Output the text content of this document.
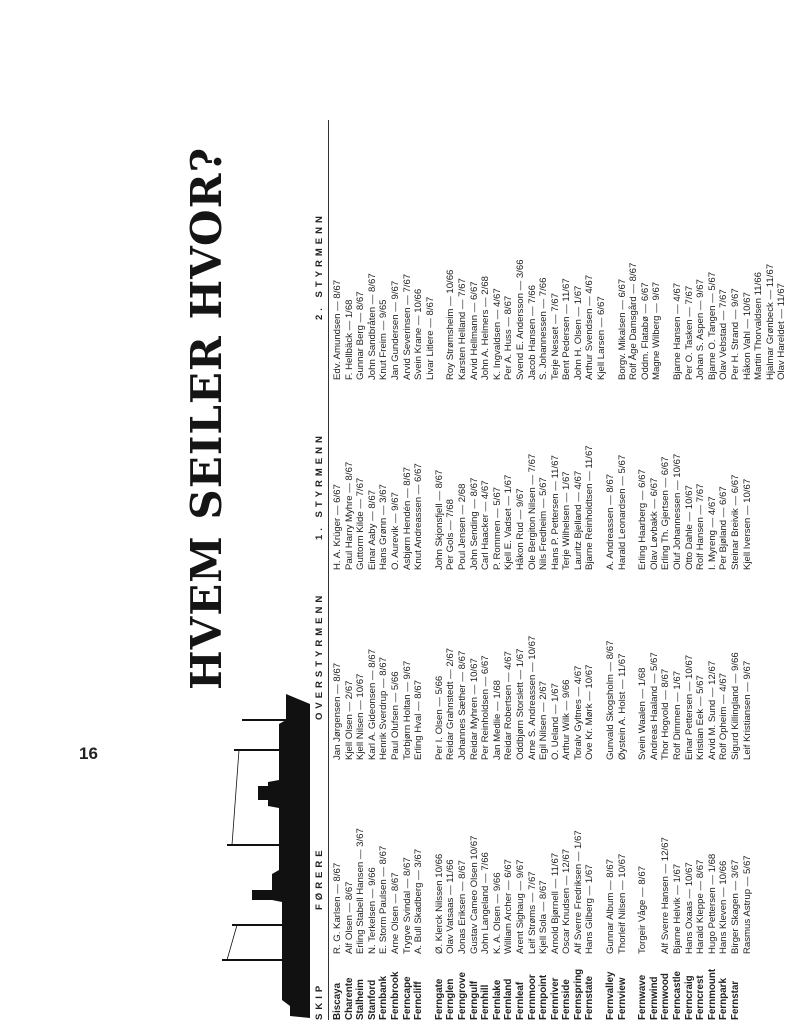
16
HVEM SEILER HVOR?
SKIP
FØRERE
OVERSTYRMENN
1. STYRMENN
2. STYRMENN
Biscaya Charente Stalheim Stanford Fernbank Fernbrook Ferncape Ferncliff Ferngate Fernglen Ferngrove Ferngulf Fernhill Fernlake Fernland Fernleaf Fernmoor Fernpoint Fernriver Fernside Fernspring Fernstate Fernvalley Fernview Fernwave Fernwind Fernwood Ferncastle Ferncraig Ferncrest Fernmount Fernpark Fernstar
R. G. Karlsen — 8/67 Alf Olsen — 8/67 Erling Stabell Hansen — 3/67 N. Terkelsen — 9/66 E. Storm Paulsen — 8/67 Arne Olsen — 8/67 Trygve Svindal — 8/67 A. Bull Skadberg — 3/67 Ø. Klerck Nilssen 10/66 Olav Vatsaas — 11/66 Jonas Eriksen — 8/67 Gustav Cameo Olsen 10/67 John Langeland — 7/66 K. A. Olsen — 9/66 William Archer — 6/67 Arent Sighaug — 9/67 Leif Strøms — 7/67 Kjell Sola — 8/67 Arnold Bjørnell — 11/67 Oscar Knudsen — 12/67 Alf Sverre Fredriksen — 1/67 Hans Gilberg — 1/67 Gunnar Album — 8/67 Thorleif Nilsen — 10/67 Torgeir Våge — 8/67
Alf Sverre Hansen — 12/67 Bjarne Helvik — 1/67 Hans Oxaas — 10/67 Harald Kleppe — 8/67 Hugo Pettersen — 1/68 Hans Kleven — 10/66 Birger Skagen — 3/67 Rasmus Astrup — 5/67
Jan Jørgensen — 8/67 Kjell Olsen — 2/67 Kjell Nilsen — 10/67 Karl A. Gideonsen — 8/67 Henrik Sverdrup — 8/67 Paul Olufsen — 5/66 Torbjørn Holtan — 9/67 Erling Hval — 8/67 Per I. Olsen — 5/66 Reidar Grahnstedt — 2/67 Johannes Sæther — 8/67 Reidar Myhren — 10/67 Per Reinholdsen — 6/67 Jan Medlie — 1/68 Reidar Robertsen — 4/67 Oddbjørn Storslett — 1/67 Arne S. Andreassen — 10/67 Egil Nilsen — 2/67 O. Ueland — 1/67 Arthur Wilk — 9/66 Toralv Gyltnes — 4/67 Ove Kr. Mørk — 10/67 Gunvald Skogsholm — 8/67 Øystein A. Holst — 11/67 Svein Waalen — 1/68 Andreas Haaland — 5/67 Thor Hogvold — 8/67 Rolf Dimmen — 1/67 Einar Pettersen — 10/67 Kristian Eek — 5/67 Arvid M. Sund — 12/67 Rolf Opheim — 4/67 Sigurd Killingland — 9/66 Leif Kristiansen — 9/67
H. A. Krüger — 6/67 Paul Harry Myhre — 8/67 Guttorm Kilde — 7/67 Einar Aaby — 8/67 Hans Grønn — 3/67 O. Aurevik — 9/67 Asbjørn Hendén — 8/67 Knut Andreassen — 6/67 John Skjonsfjell — 8/67 Per Gols — 7/68 Poul Jensen — 2/68 John Sending — 8/67 Carl Haacker — 4/67 P. Rommen — 5/67 Kjell E. Vadset — 1/67 Håkon Rud — 9/67 Ole Bergiton Nilsen — 7/67 Nils Fredheim — 5/67 Hans P. Pettersen — 11/67 Terje Wilhelsen — 1/67 Lauritz Bjelland — 4/67 Bjarne Reinholdtsen — 11/67 A. Andreassen — 8/67 Harald Leonardsen — 5/67 Erling Haarberg — 6/67 Olav Løvbakk — 6/67 Erling Th. Gjertsen — 6/67 Oluf Johannessen — 10/67 Otto Dahle — 10/67 Rolf Hansen — 7/67 I. Myreng — 4/67 Per Bjøland — 6/67 Steinar Breivik — 6/67 Kjell Iversen — 10/67
Edv. Amundsen — 8/67 F. Hellbäck — 1/68 Gunnar Berg — 8/67 John Sandbråten — 8/67 Knut Freim — 9/65 Jan Gundersen — 9/67 Arvid Severinsen — 7/67 Svein Krane — 10/66 Livar Litlere — 8/67 Roy Strømsheim — 10/66 Karsten Helland — 7/67 Arvid Hellmann — 6/67 John A. Helmers — 2/68 K. Ingvaldsen — 4/67 Per A. Huss — 8/67 Svend E. Andersson — 3/66 Jacob Hansen — 7/66 S. Johannessen — 7/66 Terje Nesset — 7/67 Bent Pedersen — 11/67 John H. Olsen — 1/67 Arthur Svendsen — 4/67 Kjell Larsen — 6/67 Borgv. Mikalsen — 6/67 Rolf Åge Damsgård — 8/67 Oddm. Flatabø — 6/67 Magne Wilberg — 9/67 Bjarne Hansen — 4/67 Per O. Tasken — 7/67 Johan S. Aspen — 9/67 Bjarne O. Tangen — 5/67 Olav Vebstad — 7/67 Per H. Strand — 9/67 Håkon Vahl — 10/67 Martin Thorvaldsen 11/66 Hjalmar Grønbeck — 11/67 Olav Hareldet — 11/67
